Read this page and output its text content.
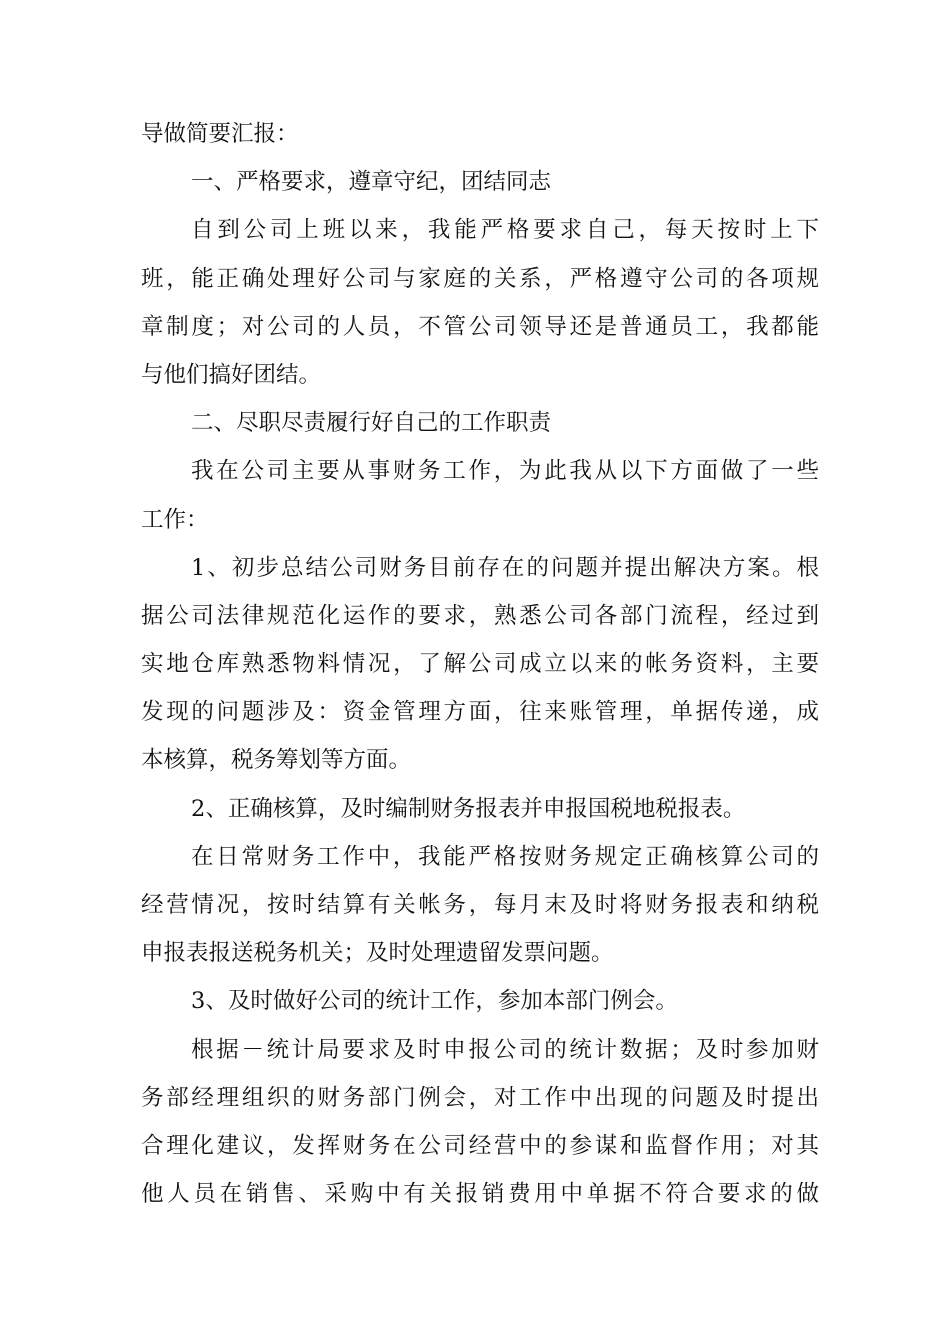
导做简要汇报：
一、严格要求，遵章守纪，团结同志
自到公司上班以来，我能严格要求自己，每天按时上下
班，能正确处理好公司与家庭的关系，严格遵守公司的各项规
章制度；对公司的人员，不管公司领导还是普通员工，我都能
与他们搞好团结。
二、尽职尽责履行好自己的工作职责
我在公司主要从事财务工作，为此我从以下方面做了一些
工作：
1、初步总结公司财务目前存在的问题并提出解决方案。根
据公司法律规范化运作的要求，熟悉公司各部门流程，经过到
实地仓库熟悉物料情况，了解公司成立以来的帐务资料，主要
发现的问题涉及：资金管理方面，往来账管理，单据传递，成
本核算，税务筹划等方面。
2、正确核算，及时编制财务报表并申报国税地税报表。
在日常财务工作中，我能严格按财务规定正确核算公司的
经营情况，按时结算有关帐务，每月末及时将财务报表和纳税
申报表报送税务机关；及时处理遗留发票问题。
3、及时做好公司的统计工作，参加本部门例会。
根据－统计局要求及时申报公司的统计数据；及时参加财
务部经理组织的财务部门例会，对工作中出现的问题及时提出
合理化建议，发挥财务在公司经营中的参谋和监督作用；对其
他人员在销售、采购中有关报销费用中单据不符合要求的做
